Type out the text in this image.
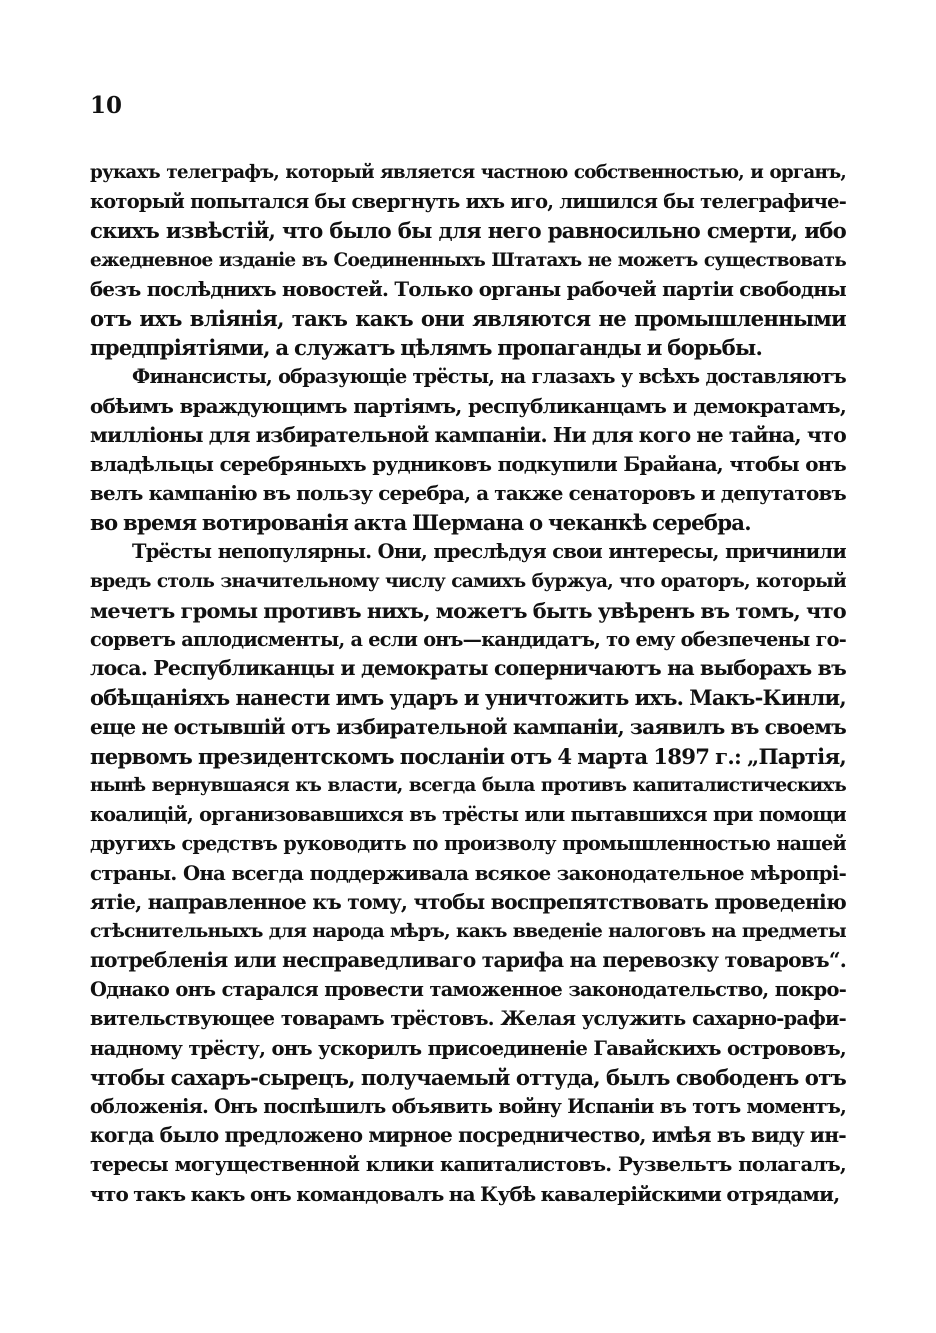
10
рукахъ телеграфъ, который является частною собственностью, и органъ,
который попытался бы свергнуть ихъ иго, лишился бы телеграфиче-
скихъ извѣстій, что было бы для него равносильно смерти, ибо
ежедневное изданіе въ Соединенныхъ Штатахъ не можетъ существовать
безъ послѣднихъ новостей. Только органы рабочей партіи свободны
отъ ихъ вліянія, такъ какъ они являются не промышленными
предпріятіями, а служатъ цѣлямъ пропаганды и борьбы.
Финансисты, образующіе трёсты, на глазахъ у всѣхъ доставляютъ
обѣимъ враждующимъ партіямъ, республиканцамъ и демократамъ,
милліоны для избирательной кампаніи. Ни для кого не тайна, что
владѣльцы серебряныхъ рудниковъ подкупили Брайана, чтобы онъ
велъ кампанію въ пользу серебра, а также сенаторовъ и депутатовъ
во время вотированія акта Шермана о чеканкѣ серебра.
Трёсты непопулярны. Они, преслѣдуя свои интересы, причинили
вредъ столь значительному числу самихъ буржуа, что ораторъ, который
мечетъ громы противъ нихъ, можетъ быть увѣренъ въ томъ, что
сорветъ аплодисменты, а если онъ—кандидатъ, то ему обезпечены го-
лоса. Республиканцы и демократы соперничаютъ на выборахъ въ
обѣщаніяхъ нанести имъ ударъ и уничтожить ихъ. Макъ-Кинли,
еще не остывшій отъ избирательной кампаніи, заявилъ въ своемъ
первомъ президентскомъ посланіи отъ 4 марта 1897 г.: „Партія,
нынѣ вернувшаяся къ власти, всегда была противъ капиталистическихъ
коалицій, организовавшихся въ трёсты или пытавшихся при помощи
другихъ средствъ руководить по произволу промышленностью нашей
страны. Она всегда поддерживала всякое законодательное мѣропрі-
ятіе, направленное къ тому, чтобы воспрепятствовать проведенію
стѣснительныхъ для народа мѣръ, какъ введеніе налоговъ на предметы
потребленія или несправедливаго тарифа на перевозку товаровъ“.
Однако онъ старался провести таможенное законодательство, покро-
вительствующее товарамъ трёстовъ. Желая услужить сахарно-рафи-
надному трёсту, онъ ускорилъ присоединеніе Гавайскихъ острововъ,
чтобы сахаръ-сырецъ, получаемый оттуда, былъ свободенъ отъ
обложенія. Онъ поспѣшилъ объявить войну Испаніи въ тотъ моментъ,
когда было предложено мирное посредничество, имѣя въ виду ин-
тересы могущественной клики капиталистовъ. Рузвельтъ полагалъ,
что такъ какъ онъ командовалъ на Кубѣ кавалерійскими отрядами,
